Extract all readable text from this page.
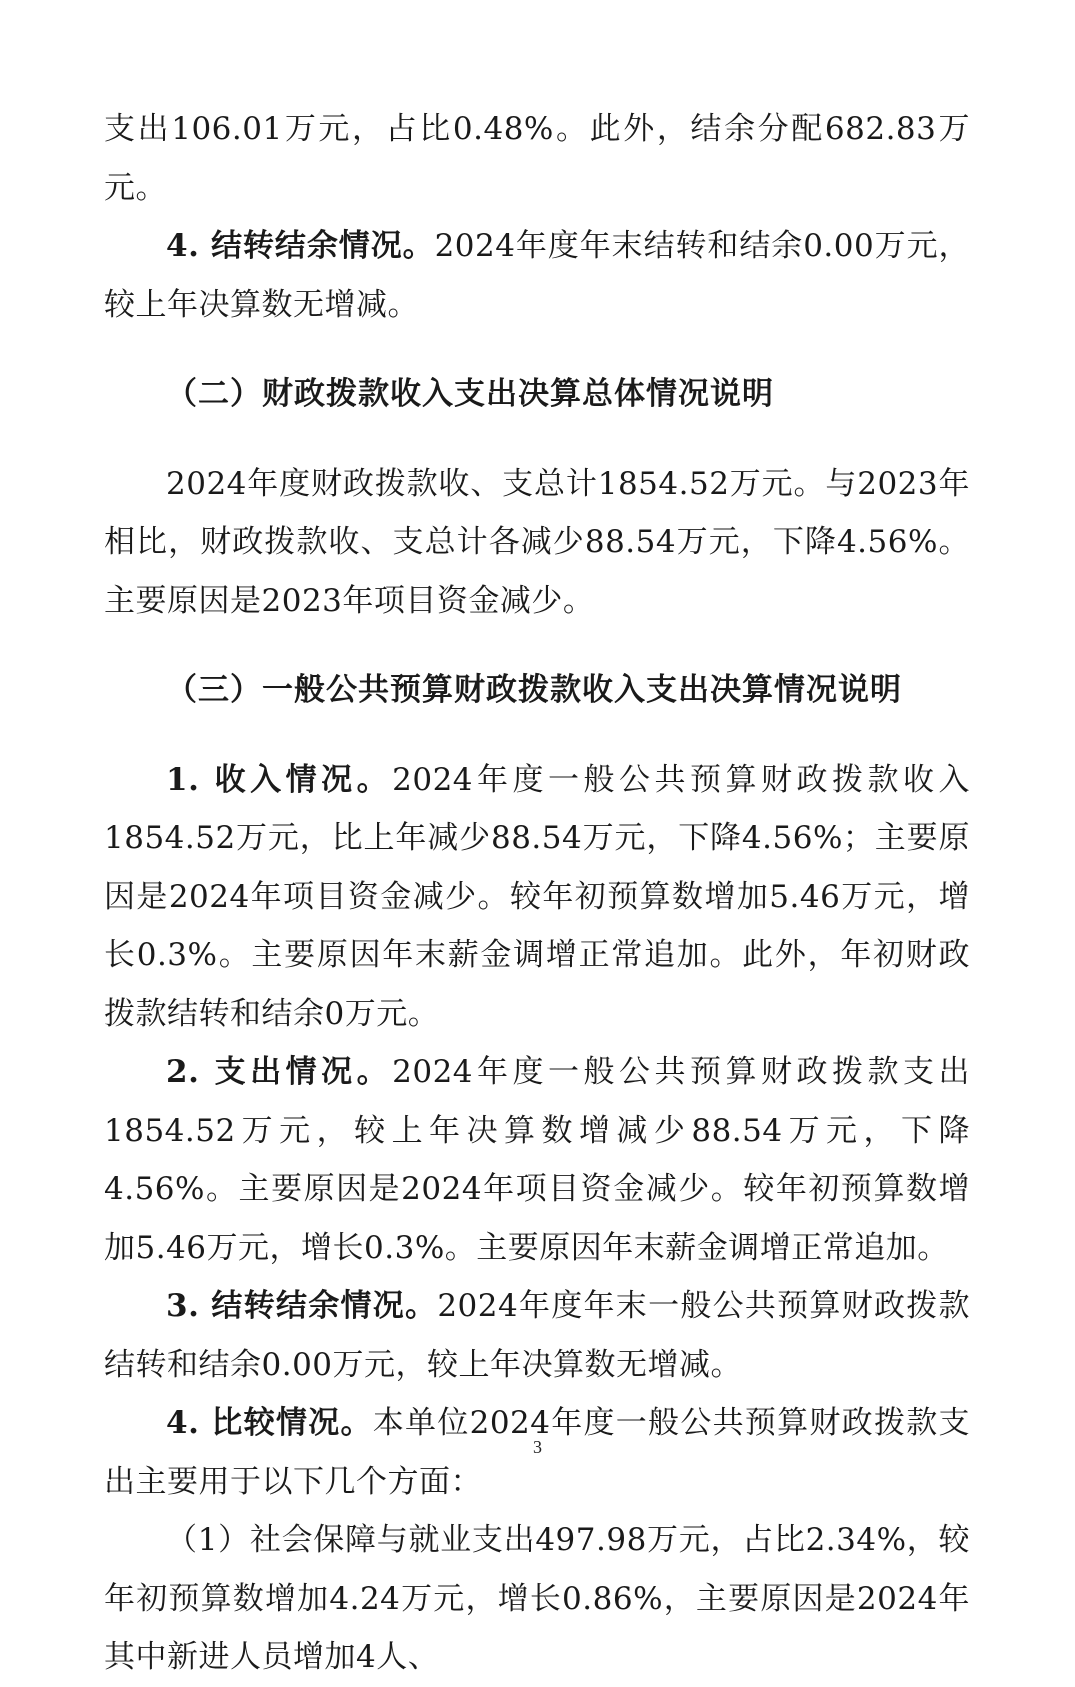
支出106.01万元，占比0.48%。此外，结余分配682.83万元。

4. 结转结余情况。2024年度年末结转和结余0.00万元，较上年决算数无增减。

（二）财政拨款收入支出决算总体情况说明

2024年度财政拨款收、支总计1854.52万元。与2023年相比，财政拨款收、支总计各减少88.54万元，下降4.56%。主要原因是2023年项目资金减少。

（三）一般公共预算财政拨款收入支出决算情况说明

1. 收入情况。2024年度一般公共预算财政拨款收入1854.52万元，比上年减少88.54万元，下降4.56%；主要原因是2024年项目资金减少。较年初预算数增加5.46万元，增长0.3%。主要原因年末薪金调增正常追加。此外，年初财政拨款结转和结余0万元。

2. 支出情况。2024年度一般公共预算财政拨款支出1854.52万元，较上年决算数增减少88.54万元，下降4.56%。主要原因是2024年项目资金减少。较年初预算数增加5.46万元，增长0.3%。主要原因年末薪金调增正常追加。

3. 结转结余情况。2024年度年末一般公共预算财政拨款结转和结余0.00万元，较上年决算数无增减。

4. 比较情况。本单位2024年度一般公共预算财政拨款支出主要用于以下几个方面：

（1）社会保障与就业支出497.98万元，占比2.34%，较年初预算数增加4.24万元，增长0.86%，主要原因是2024年其中新进人员增加4人、

3
